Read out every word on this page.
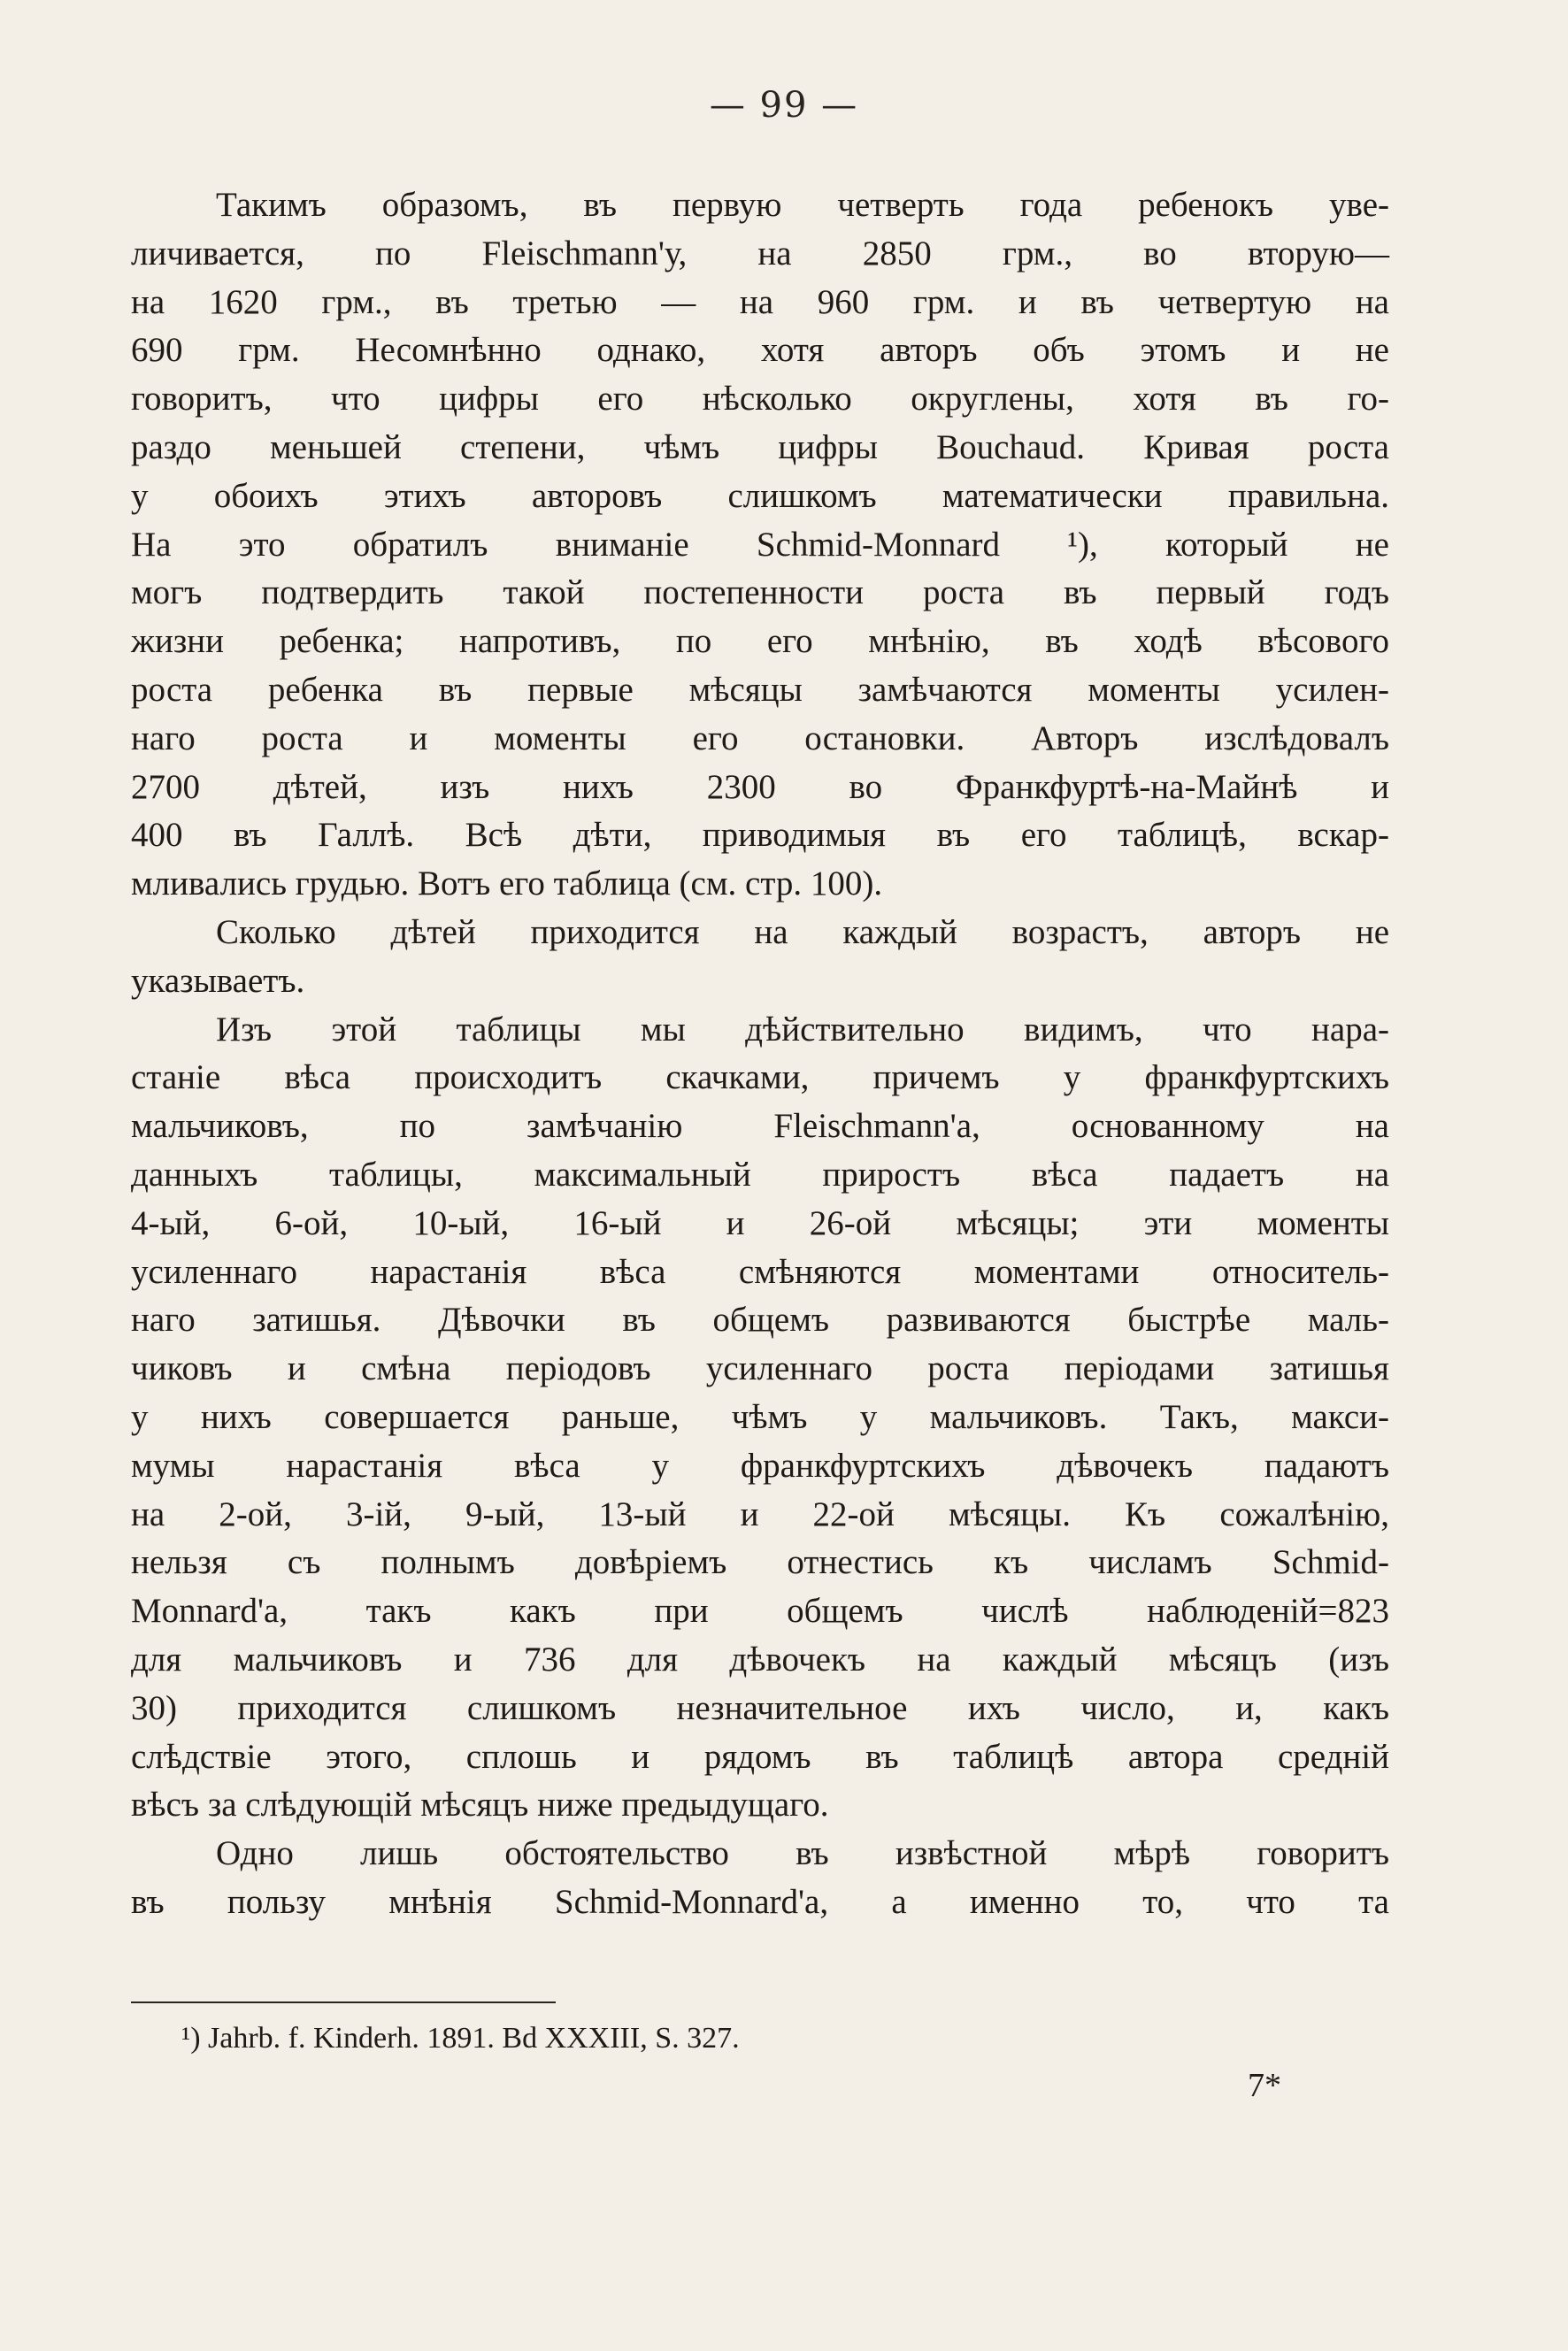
— 99 —
Такимъ образомъ, въ первую четверть года ребенокъ уве-
личивается, по Fleischmann'у, на 2850 грм., во вторую—
на 1620 грм., въ третью — на 960 грм. и въ четвертую на
690 грм. Несомнѣнно однако, хотя авторъ объ этомъ и не
говоритъ, что цифры его нѣсколько округлены, хотя въ го-
раздо меньшей степени, чѣмъ цифры Bouchaud. Кривая роста
у обоихъ этихъ авторовъ слишкомъ математически правильна.
На это обратилъ вниманіе Schmid-Monnard ¹), который не
могъ подтвердить такой постепенности роста въ первый годъ
жизни ребенка; напротивъ, по его мнѣнію, въ ходѣ вѣсового
роста ребенка въ первые мѣсяцы замѣчаются моменты усилен-
наго роста и моменты его остановки. Авторъ изслѣдовалъ
2700 дѣтей, изъ нихъ 2300 во Франкфуртѣ-на-Майнѣ и
400 въ Галлѣ. Всѣ дѣти, приводимыя въ его таблицѣ, вскар-
мливались грудью. Вотъ его таблица (см. стр. 100).
Сколько дѣтей приходится на каждый возрастъ, авторъ не
указываетъ.
Изъ этой таблицы мы дѣйствительно видимъ, что нара-
станіе вѣса происходитъ скачками, причемъ у франкфуртскихъ
мальчиковъ, по замѣчанію Fleischmann'а, основанному на
данныхъ таблицы, максимальный приростъ вѣса падаетъ на
4-ый, 6-ой, 10-ый, 16-ый и 26-ой мѣсяцы; эти моменты
усиленнаго нарастанія вѣса смѣняются моментами относитель-
наго затишья. Дѣвочки въ общемъ развиваются быстрѣе маль-
чиковъ и смѣна періодовъ усиленнаго роста періодами затишья
у нихъ совершается раньше, чѣмъ у мальчиковъ. Такъ, макси-
мумы нарастанія вѣса у франкфуртскихъ дѣвочекъ падаютъ
на 2-ой, 3-ій, 9-ый, 13-ый и 22-ой мѣсяцы. Къ сожалѣнію,
нельзя съ полнымъ довѣріемъ отнестись къ числамъ Schmid-
Monnard'а, такъ какъ при общемъ числѣ наблюденій=823
для мальчиковъ и 736 для дѣвочекъ на каждый мѣсяцъ (изъ
30) приходится слишкомъ незначительное ихъ число, и, какъ
слѣдствіе этого, сплошь и рядомъ въ таблицѣ автора средній
вѣсъ за слѣдующій мѣсяцъ ниже предыдущаго.
Одно лишь обстоятельство въ извѣстной мѣрѣ говоритъ
въ пользу мнѣнія Schmid-Monnard'а, а именно то, что та
¹) Jahrb. f. Kinderh. 1891. Bd XXXIII, S. 327.
7*
